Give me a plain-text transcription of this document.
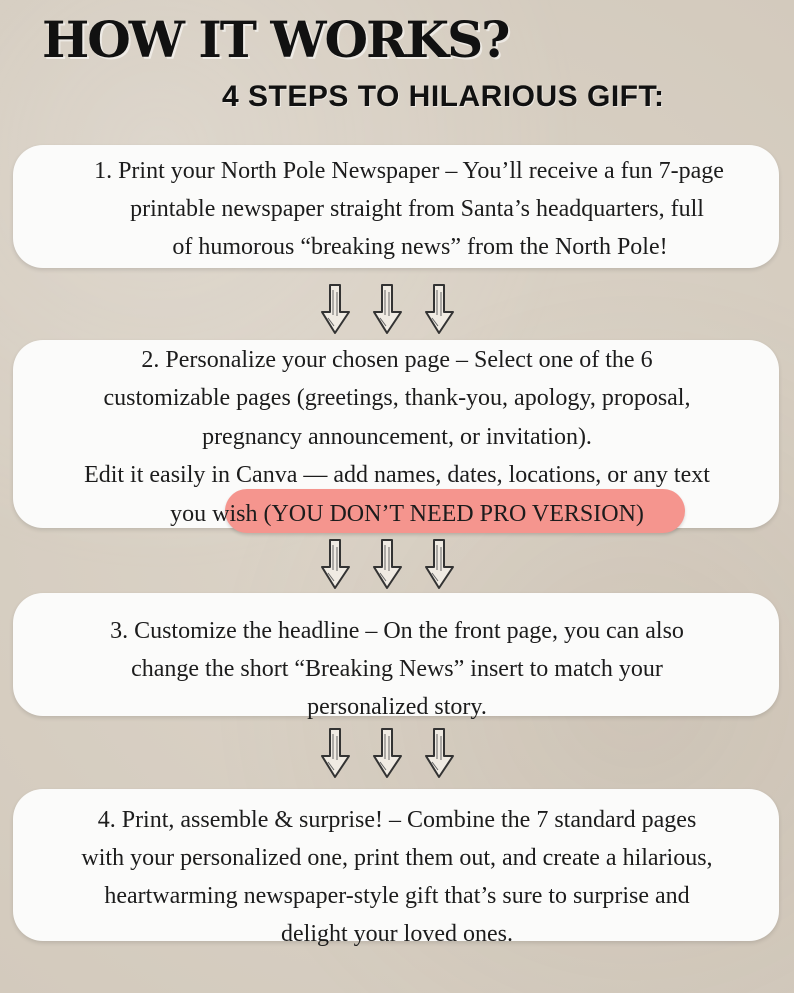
HOW IT WORKS?
4 STEPS TO HILARIOUS GIFT:
1. Print your North Pole Newspaper – You’ll receive a fun 7-page
printable newspaper straight from Santa’s headquarters, full
of humorous “breaking news” from the North Pole!
2. Personalize your chosen page – Select one of the 6
customizable pages (greetings, thank-you, apology, proposal,
pregnancy announcement, or invitation).
Edit it easily in Canva — add names, dates, locations, or any text
you wish (YOU DON’T NEED PRO VERSION)
3. Customize the headline – On the front page, you can also
change the short “Breaking News” insert to match your
personalized story.
4. Print, assemble & surprise! – Combine the 7 standard pages
with your personalized one, print them out, and create a hilarious,
heartwarming newspaper-style gift that’s sure to surprise and
delight your loved ones.
